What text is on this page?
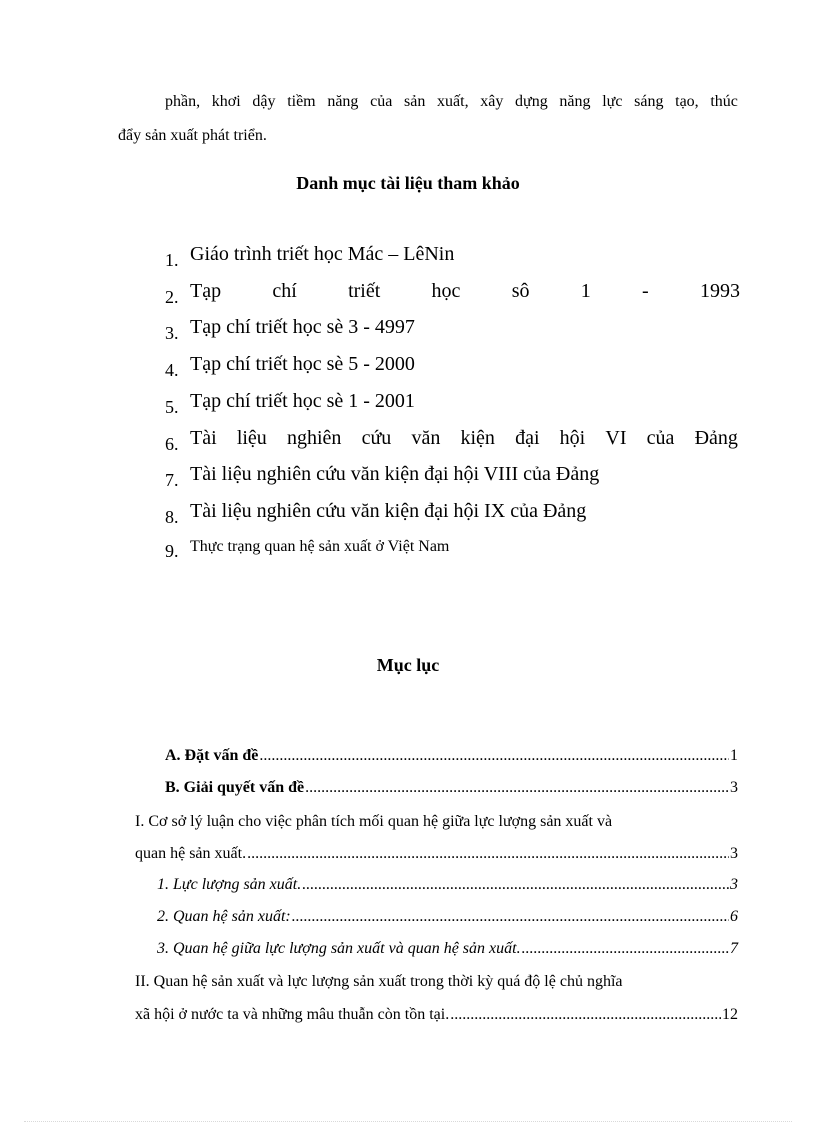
phần, khơi dậy tiềm năng của sản xuất, xây dựng năng lực sáng tạo, thúc
đẩy sản xuất phát triển.
Danh mục tài liệu tham khảo
1. Giáo trình triết học Mác – LêNin
2. Tạp	chí	triết	học	sô	1	-	1993
3. Tạp chí triết học sè 3 - 4997
4. Tạp chí triết học sè 5 - 2000
5. Tạp chí triết học sè 1 - 2001
6. Tài liệu nghiên cứu văn kiện đại hội VI của Đảng
7. Tài liệu nghiên cứu văn kiện đại hội VIII của Đảng
8. Tài liệu nghiên cứu văn kiện đại hội IX của Đảng
9. Thực trạng quan hệ sản xuất ở Việt Nam
Mục lục
A. Đặt vấn đề .....	1
B. Giải quyết vấn đề .....	3
I. Cơ sở lý luận cho việc phân tích mối quan hệ giữa lực lượng sản xuất và
quan hệ sản xuất. .....	3
1. Lực lượng sản xuất. .....	3
2. Quan hệ sản xuất: .....	6
3. Quan hệ giữa lực lượng sản xuất và quan hệ sản xuất. .....	7
II. Quan hệ sản xuất và lực lượng sản xuất trong thời kỳ quá độ lệ chủ nghĩa
xã hội ở nước ta và những mâu thuẫn còn tồn tại. .....	12
